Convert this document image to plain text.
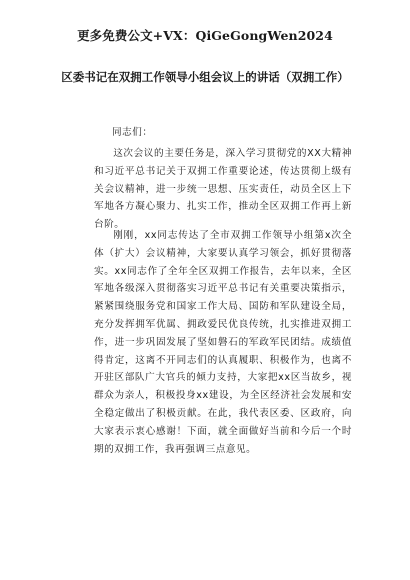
更多免费公文+VX：QiGeGongWen2024
区委书记在双拥工作领导小组会议上的讲话（双拥工作）
同志们：

这次会议的主要任务是，深入学习贯彻党的XX大精神和习近平总书记关于双拥工作重要论述，传达贯彻上级有关会议精神，进一步统一思想、压实责任，动员全区上下军地各方凝心聚力、扎实工作，推动全区双拥工作再上新台阶。

刚刚，xx同志传达了全市双拥工作领导小组第x次全体（扩大）会议精神，大家要认真学习领会，抓好贯彻落实。xx同志作了全年全区双拥工作报告，去年以来，全区军地各级深入贯彻落实习近平总书记有关重要决策指示，紧紧围绕服务党和国家工作大局、国防和军队建设全局，充分发挥拥军优属、拥政爱民优良传统，扎实推进双拥工作，进一步巩固发展了坚如磐石的军政军民团结。成绩值得肯定，这离不开同志们的认真履职、积极作为，也离不开驻区部队广大官兵的倾力支持，大家把xx区当故乡，视群众为亲人，积极投身xx建设，为全区经济社会发展和安全稳定做出了积极贡献。在此，我代表区委、区政府，向大家表示衷心感谢！下面，就全面做好当前和今后一个时期的双拥工作，我再强调三点意见。
